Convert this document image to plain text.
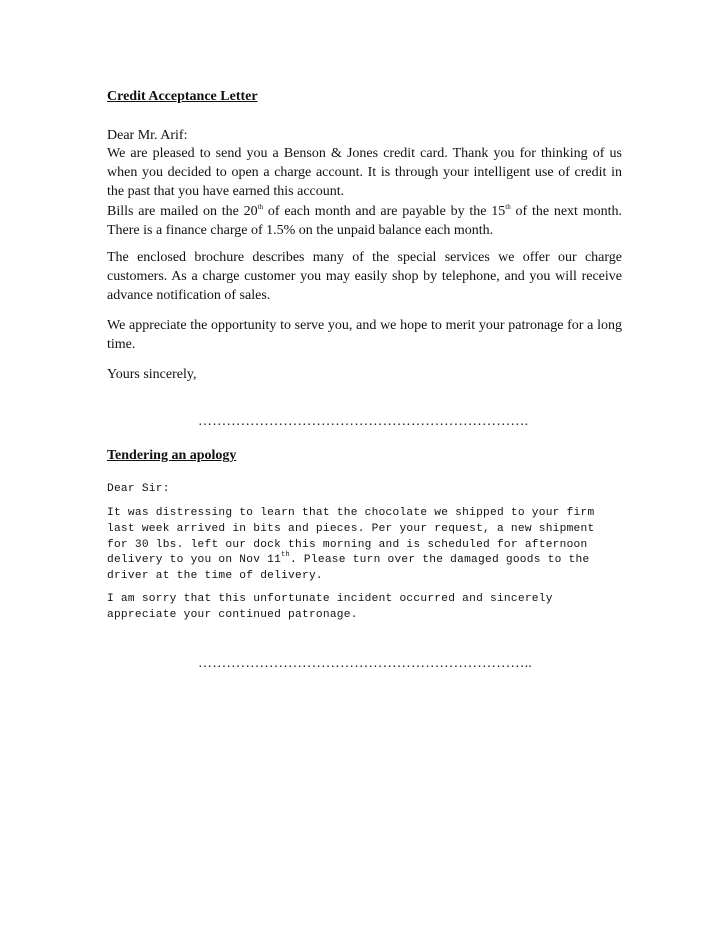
Credit Acceptance Letter

Dear Mr. Arif:

We are pleased to send you a Benson & Jones credit card. Thank you for thinking of us when you decided to open a charge account. It is through your intelligent use of credit in the past that you have earned this account.

Bills are mailed on the 20th of each month and are payable by the 15th of the next month. There is a finance charge of 1.5% on the unpaid balance each month.

The enclosed brochure describes many of the special services we offer our charge customers. As a charge customer you may easily shop by telephone, and you will receive advance notification of sales.

We appreciate the opportunity to serve you, and we hope to merit your patronage for a long time.

Yours sincerely,

…………………………………………………………….

Tendering an apology

Dear Sir:

It was distressing to learn that the chocolate we shipped to your firm last week arrived in bits and pieces. Per your request, a new shipment for 30 lbs. left our dock this morning and is scheduled for afternoon delivery to you on Nov 11th. Please turn over the damaged goods to the driver at the time of delivery.

I am sorry that this unfortunate incident occurred and sincerely appreciate your continued patronage.

……………………………………………………………..
